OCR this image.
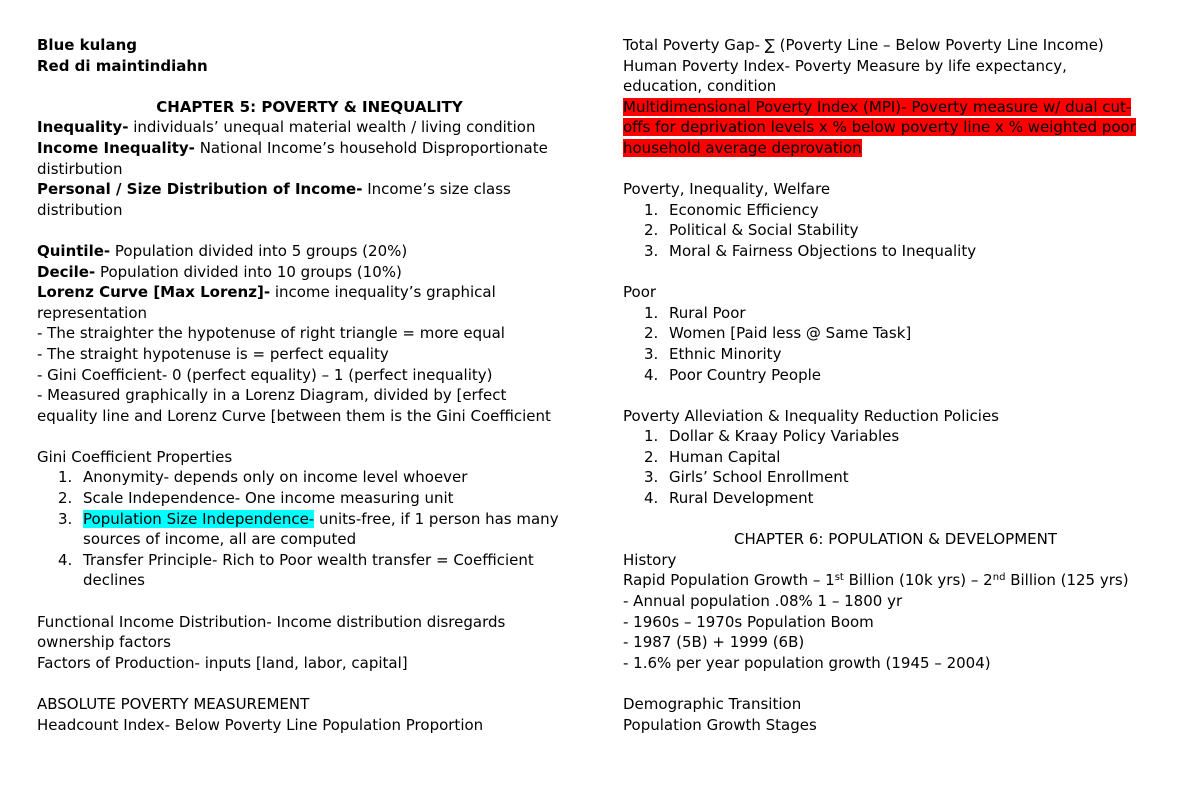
Blue kulang
Red di maintindiahn
CHAPTER 5: POVERTY & INEQUALITY
Inequality- individuals’ unequal material wealth / living condition
Income Inequality- National Income’s household Disproportionate
distirbution
Personal / Size Distribution of Income- Income’s size class
distribution
Quintile- Population divided into 5 groups (20%)
Decile- Population divided into 10 groups (10%)
Lorenz Curve [Max Lorenz]- income inequality’s graphical
representation
- The straighter the hypotenuse of right triangle = more equal
- The straight hypotenuse is = perfect equality
- Gini Coefficient- 0 (perfect equality) – 1 (perfect inequality)
- Measured graphically in a Lorenz Diagram, divided by [erfect
equality line and Lorenz Curve [between them is the Gini Coefficient
Gini Coefficient Properties
1. Anonymity- depends only on income level whoever
2. Scale Independence- One income measuring unit
3. Population Size Independence- units-free, if 1 person has many
sources of income, all are computed
4. Transfer Principle- Rich to Poor wealth transfer = Coefficient
declines
Functional Income Distribution- Income distribution disregards
ownership factors
Factors of Production- inputs [land, labor, capital]
ABSOLUTE POVERTY MEASUREMENT
Headcount Index- Below Poverty Line Population Proportion
Total Poverty Gap- ∑ (Poverty Line – Below Poverty Line Income)
Human Poverty Index- Poverty Measure by life expectancy,
education, condition
Multidimensional Poverty Index (MPI)- Poverty measure w/ dual cut-
offs for deprivation levels x % below poverty line x % weighted poor
household average deprovation
Poverty, Inequality, Welfare
1. Economic Efficiency
2. Political & Social Stability
3. Moral & Fairness Objections to Inequality
Poor
1. Rural Poor
2. Women [Paid less @ Same Task]
3. Ethnic Minority
4. Poor Country People
Poverty Alleviation & Inequality Reduction Policies
1. Dollar & Kraay Policy Variables
2. Human Capital
3. Girls’ School Enrollment
4. Rural Development
CHAPTER 6: POPULATION & DEVELOPMENT
History
Rapid Population Growth – 1st Billion (10k yrs) – 2nd Billion (125 yrs)
- Annual population .08% 1 – 1800 yr
- 1960s – 1970s Population Boom
- 1987 (5B) + 1999 (6B)
- 1.6% per year population growth (1945 – 2004)
Demographic Transition
Population Growth Stages
